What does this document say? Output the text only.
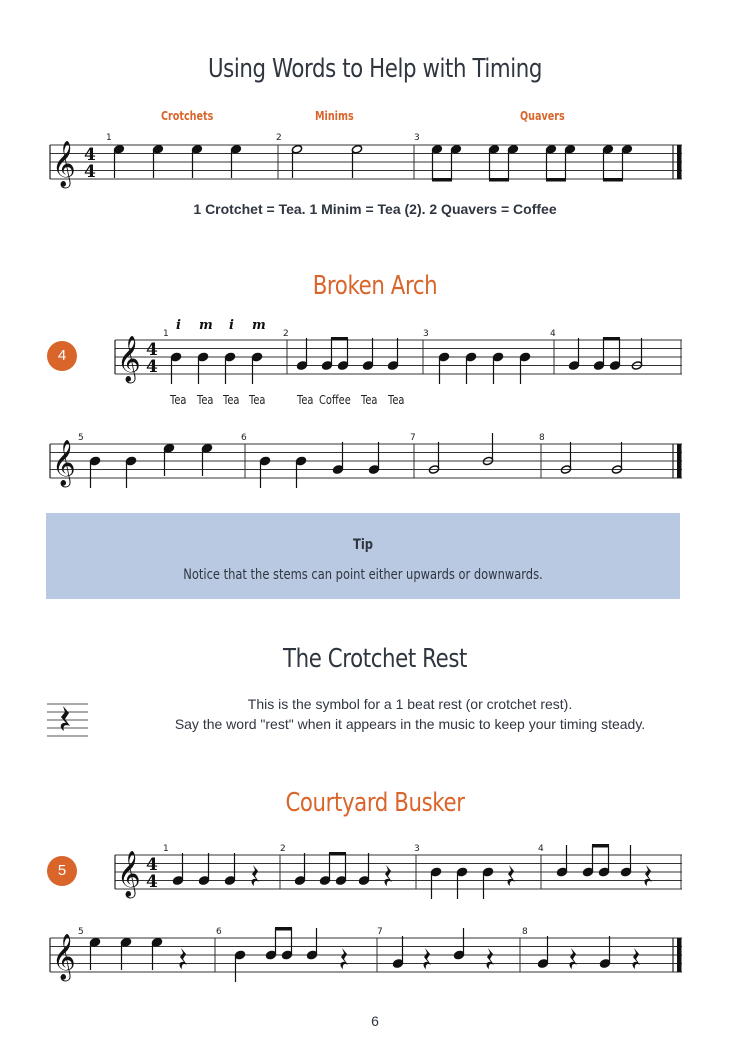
Using Words to Help with Timing
Crotchets	Minims	Quavers
𝄞 4
4
𝄞 4
4
𝄞
𝄞 4
4
𝄞
1	2	3
1	2	3	4
5	6	7	8
1	2	3	4
5	6	7	8
1 Crotchet = Tea. 1 Minim = Tea (2). 2 Quavers = Coffee
Broken Arch
4
i m i m
Tea Tea Tea Tea	Tea Coffee Tea Tea
Tip
Notice that the stems can point either upwards or downwards.
The Crotchet Rest
This is the symbol for a 1 beat rest (or crotchet rest).
Say the word "rest" when it appears in the music to keep your timing steady.
Courtyard Busker
5
6
